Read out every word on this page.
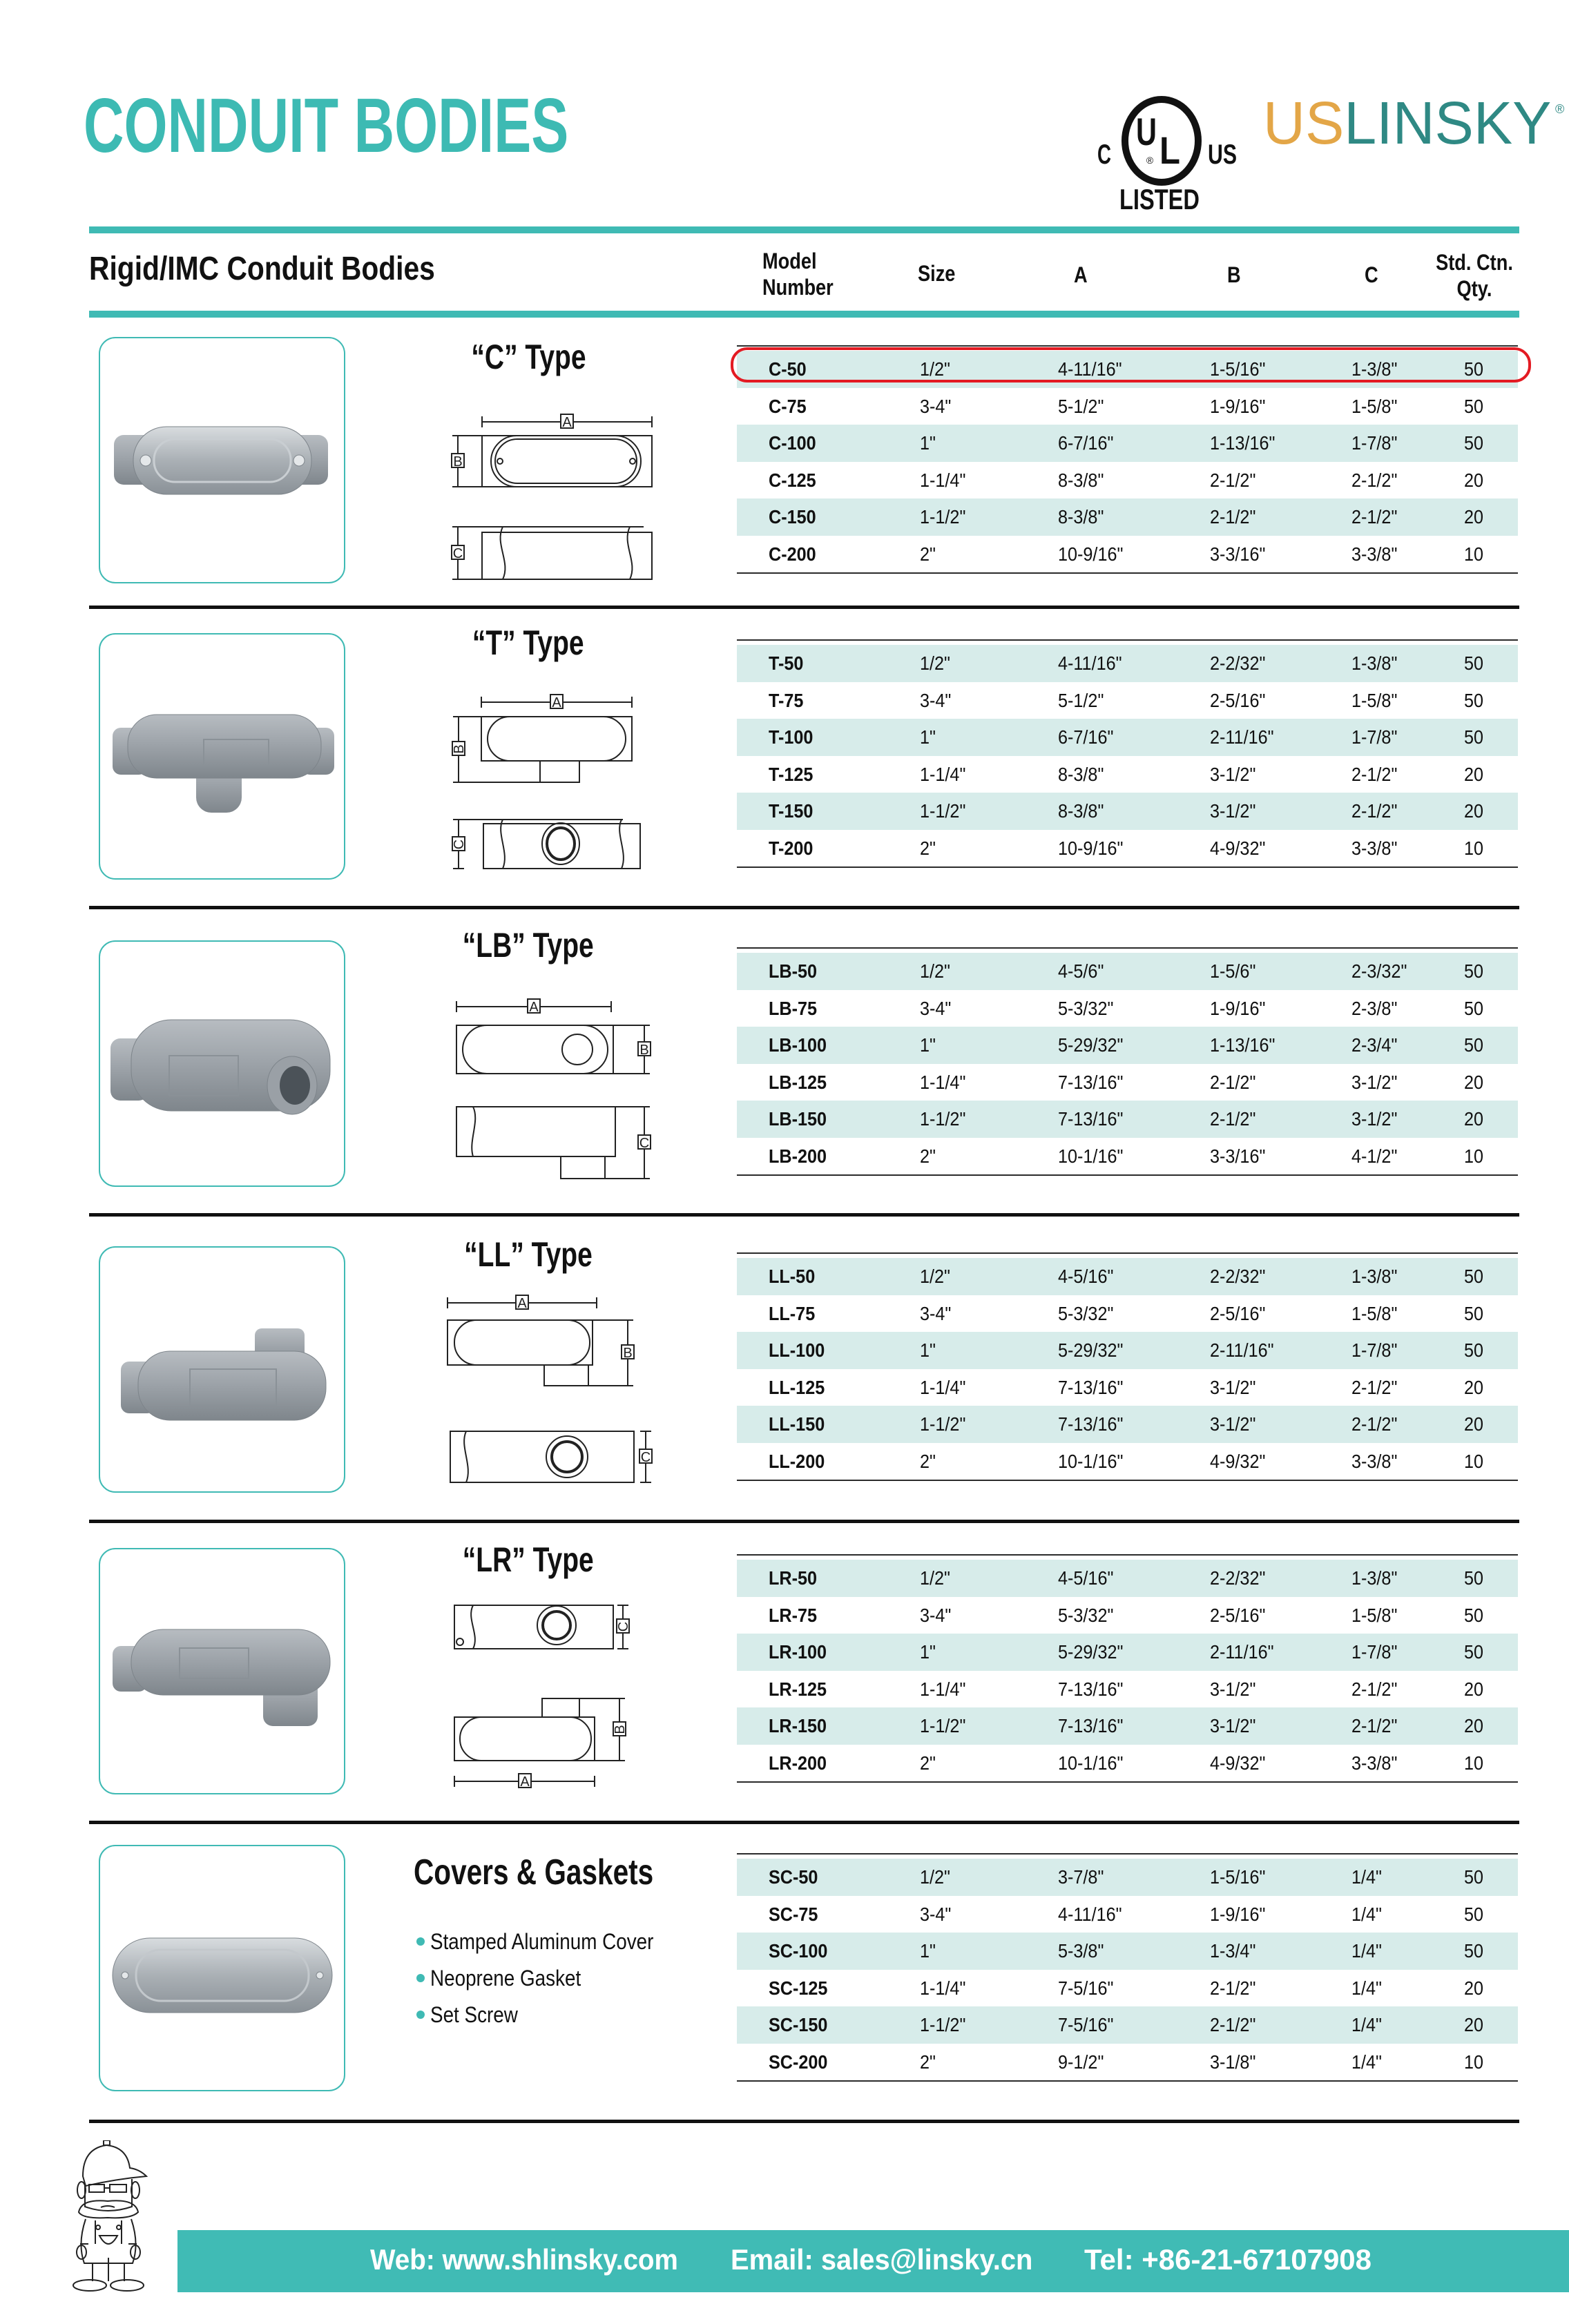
CONDUIT BODIES	C
U L
® US
LISTED
USLINSKY ®
Rigid/IMC Conduit Bodies	Model
Number
Size	A	B	C	Std. Ctn.
Qty.
“C” Type
A
B
C
C-50	1/2"	4-11/16"	1-5/16"	1-3/8"	50
C-75	3-4"	5-1/2"	1-9/16"	1-5/8"	50
C-100	1"	6-7/16"	1-13/16"	1-7/8"	50
C-125	1-1/4"	8-3/8"	2-1/2"	2-1/2"	20
C-150	1-1/2"	8-3/8"	2-1/2"	2-1/2"	20
C-200	2"	10-9/16"	3-3/16"	3-3/8"	10
“T” Type
A
B
C
T-50	1/2"	4-11/16"	2-2/32"	1-3/8"	50
T-75	3-4"	5-1/2"	2-5/16"	1-5/8"	50
T-100	1"	6-7/16"	2-11/16"	1-7/8"	50
T-125	1-1/4"	8-3/8"	3-1/2"	2-1/2"	20
T-150	1-1/2"	8-3/8"	3-1/2"	2-1/2"	20
T-200	2"	10-9/16"	4-9/32"	3-3/8"	10
“LB” Type
A
B
C
LB-50	1/2"	4-5/6"	1-5/6"	2-3/32"	50
LB-75	3-4"	5-3/32"	1-9/16"	2-3/8"	50
LB-100	1"	5-29/32"	1-13/16"	2-3/4"	50
LB-125	1-1/4"	7-13/16"	2-1/2"	3-1/2"	20
LB-150	1-1/2"	7-13/16"	2-1/2"	3-1/2"	20
LB-200	2"	10-1/16"	3-3/16"	4-1/2"	10
“LL” Type
A
B
C
LL-50	1/2"	4-5/16"	2-2/32"	1-3/8"	50
LL-75	3-4"	5-3/32"	2-5/16"	1-5/8"	50
LL-100	1"	5-29/32"	2-11/16"	1-7/8"	50
LL-125	1-1/4"	7-13/16"	3-1/2"	2-1/2"	20
LL-150	1-1/2"	7-13/16"	3-1/2"	2-1/2"	20
LL-200	2"	10-1/16"	4-9/32"	3-3/8"	10
“LR” Type
C
B
A
LR-50	1/2"	4-5/16"	2-2/32"	1-3/8"	50
LR-75	3-4"	5-3/32"	2-5/16"	1-5/8"	50
LR-100	1"	5-29/32"	2-11/16"	1-7/8"	50
LR-125	1-1/4"	7-13/16"	3-1/2"	2-1/2"	20
LR-150	1-1/2"	7-13/16"	3-1/2"	2-1/2"	20
LR-200	2"	10-1/16"	4-9/32"	3-3/8"	10
Covers & Gaskets
Stamped Aluminum Cover
Neoprene Gasket
Set Screw
SC-50	1/2"	3-7/8"	1-5/16"	1/4"	50
SC-75	3-4"	4-11/16"	1-9/16"	1/4"	50
SC-100	1"	5-3/8"	1-3/4"	1/4"	50
SC-125	1-1/4"	7-5/16"	2-1/2"	1/4"	20
SC-150	1-1/2"	7-5/16"	2-1/2"	1/4"	20
SC-200	2"	9-1/2"	3-1/8"	1/4"	10
Web: www.shlinsky.com Email: sales@linsky.cn Tel: +86-21-67107908
